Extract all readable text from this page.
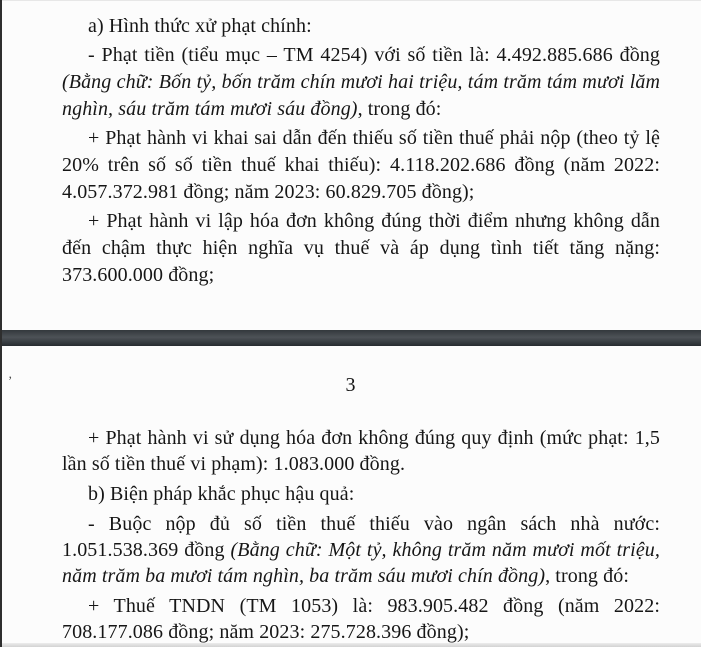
a) Hình thức xử phạt chính:

- Phạt tiền (tiểu mục – TM 4254) với số tiền là: 4.492.885.686 đồng (Bằng chữ: Bốn tỷ, bốn trăm chín mươi hai triệu, tám trăm tám mươi lăm nghìn, sáu trăm tám mươi sáu đồng), trong đó:

+ Phạt hành vi khai sai dẫn đến thiếu số tiền thuế phải nộp (theo tỷ lệ 20% trên số số tiền thuế khai thiếu): 4.118.202.686 đồng (năm 2022: 4.057.372.981 đồng; năm 2023: 60.829.705 đồng);

+ Phạt hành vi lập hóa đơn không đúng thời điểm nhưng không dẫn đến chậm thực hiện nghĩa vụ thuế và áp dụng tình tiết tăng nặng: 373.600.000 đồng;

’	3

+ Phạt hành vi sử dụng hóa đơn không đúng quy định (mức phạt: 1,5 lần số tiền thuế vi phạm): 1.083.000 đồng.

b) Biện pháp khắc phục hậu quả:

- Buộc nộp đủ số tiền thuế thiếu vào ngân sách nhà nước: 1.051.538.369 đồng (Bằng chữ: Một tỷ, không trăm năm mươi mốt triệu, năm trăm ba mươi tám nghìn, ba trăm sáu mươi chín đồng), trong đó:

+ Thuế TNDN (TM 1053) là: 983.905.482 đồng (năm 2022: 708.177.086 đồng; năm 2023: 275.728.396 đồng);
